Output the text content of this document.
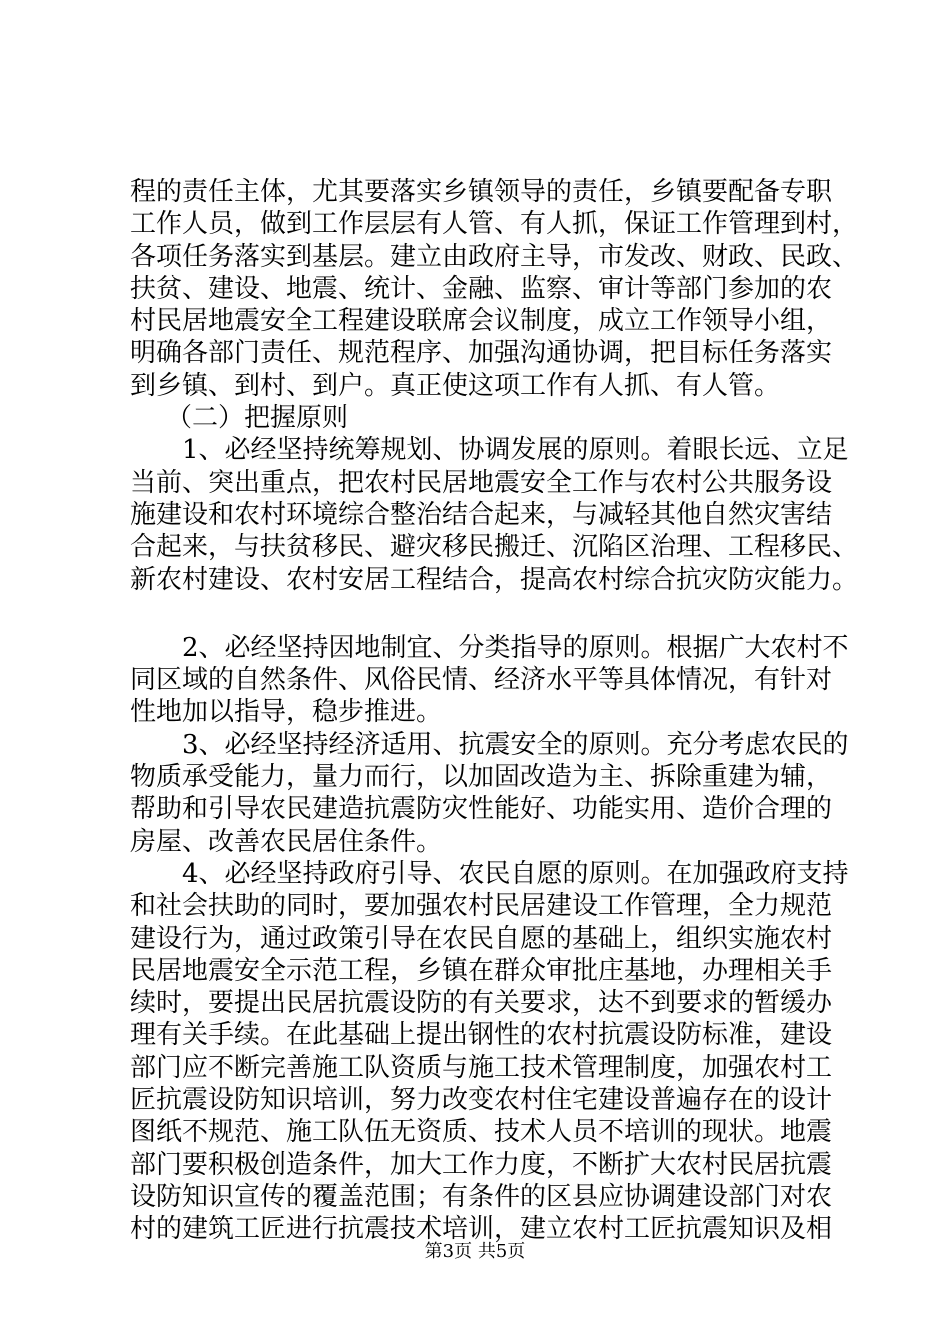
程的责任主体，尤其要落实乡镇领导的责任，乡镇要配备专职
工作人员，做到工作层层有人管、有人抓，保证工作管理到村，
各项任务落实到基层。建立由政府主导，市发改、财政、民政、
扶贫、建设、地震、统计、金融、监察、审计等部门参加的农
村民居地震安全工程建设联席会议制度，成立工作领导小组，
明确各部门责任、规范程序、加强沟通协调，把目标任务落实
到乡镇、到村、到户。真正使这项工作有人抓、有人管。
（二）把握原则
1、必经坚持统筹规划、协调发展的原则。着眼长远、立足
当前、突出重点，把农村民居地震安全工作与农村公共服务设
施建设和农村环境综合整治结合起来，与减轻其他自然灾害结
合起来，与扶贫移民、避灾移民搬迁、沉陷区治理、工程移民、
新农村建设、农村安居工程结合，提高农村综合抗灾防灾能力。
2、必经坚持因地制宜、分类指导的原则。根据广大农村不
同区域的自然条件、风俗民情、经济水平等具体情况，有针对
性地加以指导，稳步推进。
3、必经坚持经济适用、抗震安全的原则。充分考虑农民的
物质承受能力，量力而行，以加固改造为主、拆除重建为辅，
帮助和引导农民建造抗震防灾性能好、功能实用、造价合理的
房屋、改善农民居住条件。
4、必经坚持政府引导、农民自愿的原则。在加强政府支持
和社会扶助的同时，要加强农村民居建设工作管理，全力规范
建设行为，通过政策引导在农民自愿的基础上，组织实施农村
民居地震安全示范工程，乡镇在群众审批庄基地，办理相关手
续时，要提出民居抗震设防的有关要求，达不到要求的暂缓办
理有关手续。在此基础上提出钢性的农村抗震设防标准，建设
部门应不断完善施工队资质与施工技术管理制度，加强农村工
匠抗震设防知识培训，努力改变农村住宅建设普遍存在的设计
图纸不规范、施工队伍无资质、技术人员不培训的现状。地震
部门要积极创造条件，加大工作力度，不断扩大农村民居抗震
设防知识宣传的覆盖范围；有条件的区县应协调建设部门对农
村的建筑工匠进行抗震技术培训，建立农村工匠抗震知识及相
第3页 共5页
